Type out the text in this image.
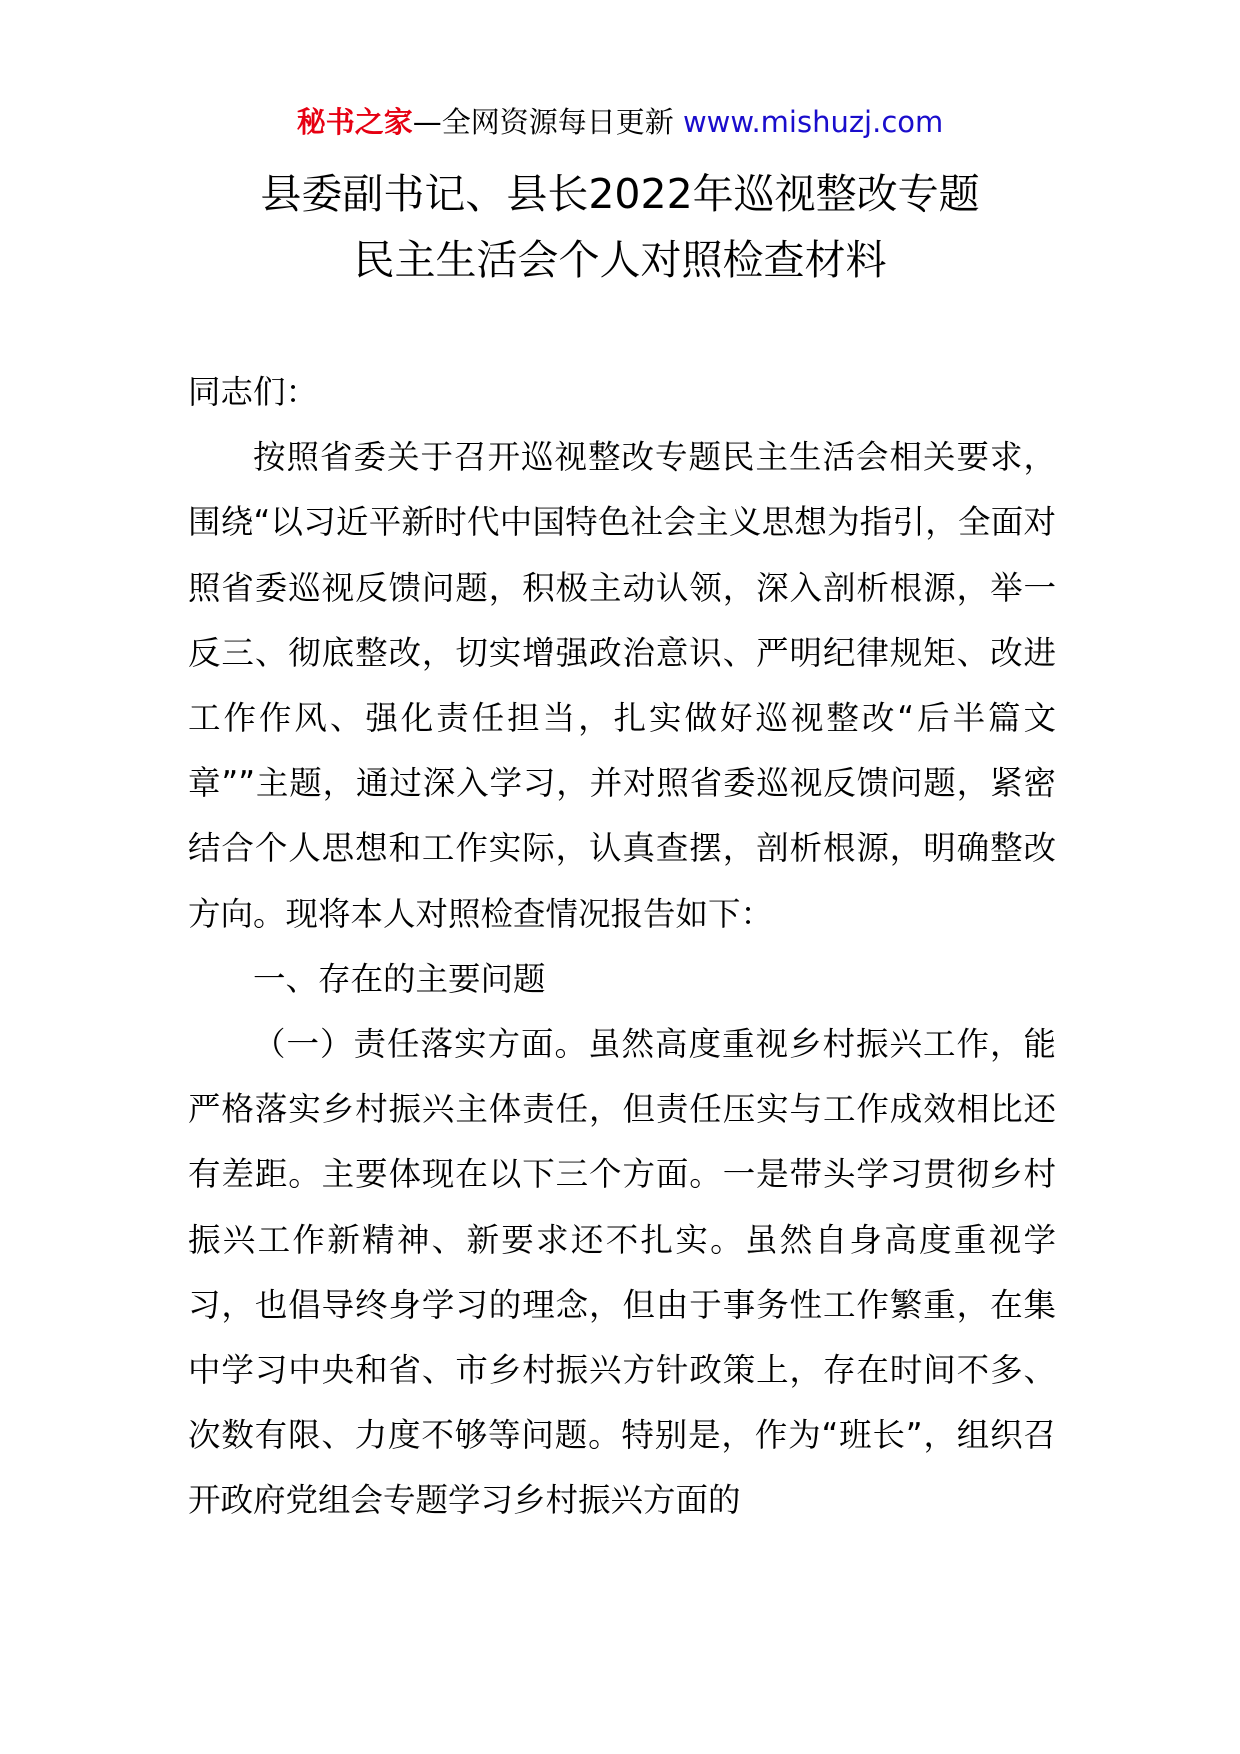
秘书之家—全网资源每日更新 www.mishuzj.com
县委副书记、县长2022年巡视整改专题
民主生活会个人对照检查材料

同志们：

按照省委关于召开巡视整改专题民主生活会相关要求，围绕“以习近平新时代中国特色社会主义思想为指引，全面对照省委巡视反馈问题，积极主动认领，深入剖析根源，举一反三、彻底整改，切实增强政治意识、严明纪律规矩、改进工作作风、强化责任担当，扎实做好巡视整改“后半篇文章””主题，通过深入学习，并对照省委巡视反馈问题，紧密结合个人思想和工作实际，认真查摆，剖析根源，明确整改方向。现将本人对照检查情况报告如下：

一、存在的主要问题

（一）责任落实方面。虽然高度重视乡村振兴工作，能严格落实乡村振兴主体责任，但责任压实与工作成效相比还有差距。主要体现在以下三个方面。一是带头学习贯彻乡村振兴工作新精神、新要求还不扎实。虽然自身高度重视学习，也倡导终身学习的理念，但由于事务性工作繁重，在集中学习中央和省、市乡村振兴方针政策上，存在时间不多、次数有限、力度不够等问题。特别是，作为“班长”，组织召开政府党组会专题学习乡村振兴方面的
